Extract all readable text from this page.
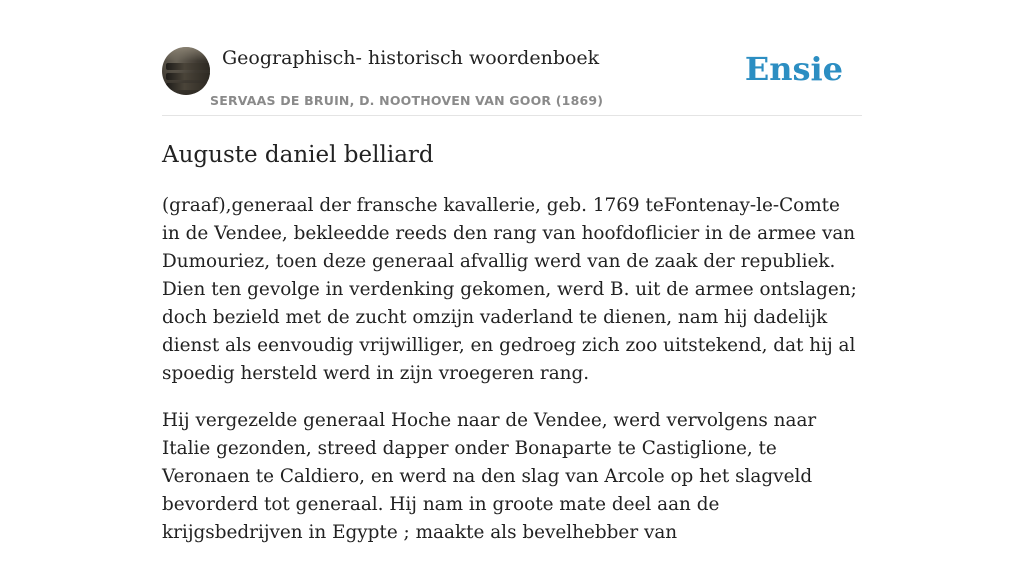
Geographisch- historisch woordenboek
SERVAAS DE BRUIN, D. NOOTHOVEN VAN GOOR (1869)
Ensie
Auguste daniel belliard

(graaf),generaal der fransche kavallerie, geb. 1769 teFontenay-le-Comte in de Vendee, bekleedde reeds den rang van hoofdoflicier in de armee van Dumouriez, toen deze generaal afvallig werd van de zaak der republiek. Dien ten gevolge in verdenking gekomen, werd B. uit de armee ontslagen; doch bezield met de zucht omzijn vaderland te dienen, nam hij dadelijk dienst als eenvoudig vrijwilliger, en gedroeg zich zoo uitstekend, dat hij al spoedig hersteld werd in zijn vroegeren rang.

Hij vergezelde generaal Hoche naar de Vendee, werd vervolgens naar Italie gezonden, streed dapper onder Bonaparte te Castiglione, te Veronaen te Caldiero, en werd na den slag van Arcole op het slagveld bevorderd tot generaal. Hij nam in groote mate deel aan de krijgsbedrijven in Egypte ; maakte als bevelhebber van
